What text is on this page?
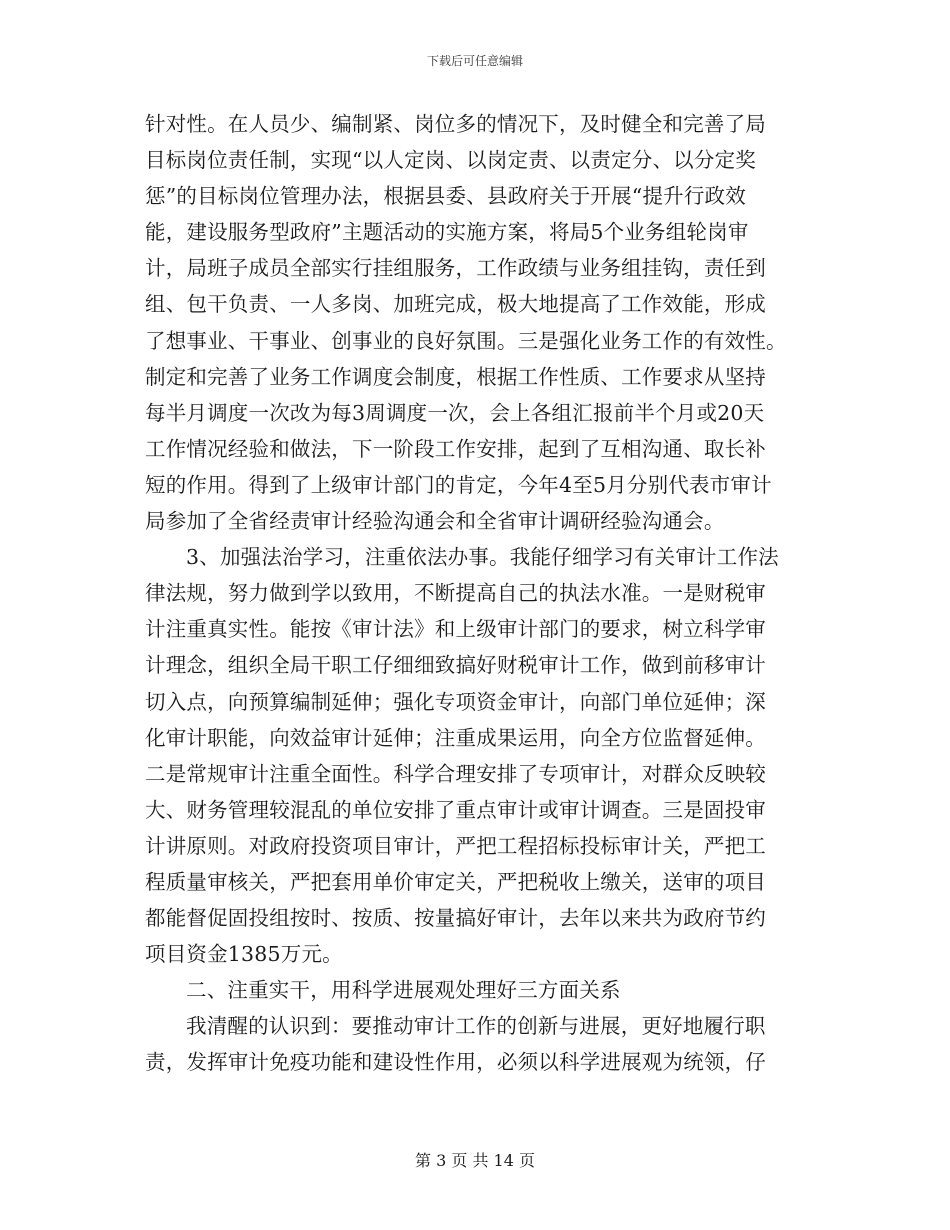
下载后可任意编辑
针对性。在人员少、编制紧、岗位多的情况下，及时健全和完善了局
目标岗位责任制，实现“以人定岗、以岗定责、以责定分、以分定奖
惩”的目标岗位管理办法，根据县委、县政府关于开展“提升行政效
能，建设服务型政府”主题活动的实施方案，将局5个业务组轮岗审
计，局班子成员全部实行挂组服务，工作政绩与业务组挂钩，责任到
组、包干负责、一人多岗、加班完成，极大地提高了工作效能，形成
了想事业、干事业、创事业的良好氛围。三是强化业务工作的有效性。
制定和完善了业务工作调度会制度，根据工作性质、工作要求从坚持
每半月调度一次改为每3周调度一次，会上各组汇报前半个月或20天
工作情况经验和做法，下一阶段工作安排，起到了互相沟通、取长补
短的作用。得到了上级审计部门的肯定，今年4至5月分别代表市审计
局参加了全省经责审计经验沟通会和全省审计调研经验沟通会。
3、加强法治学习，注重依法办事。我能仔细学习有关审计工作法
律法规，努力做到学以致用，不断提高自己的执法水准。一是财税审
计注重真实性。能按《审计法》和上级审计部门的要求，树立科学审
计理念，组织全局干职工仔细细致搞好财税审计工作，做到前移审计
切入点，向预算编制延伸；强化专项资金审计，向部门单位延伸；深
化审计职能，向效益审计延伸；注重成果运用，向全方位监督延伸。
二是常规审计注重全面性。科学合理安排了专项审计，对群众反映较
大、财务管理较混乱的单位安排了重点审计或审计调查。三是固投审
计讲原则。对政府投资项目审计，严把工程招标投标审计关，严把工
程质量审核关，严把套用单价审定关，严把税收上缴关，送审的项目
都能督促固投组按时、按质、按量搞好审计，去年以来共为政府节约
项目资金1385万元。
二、注重实干，用科学进展观处理好三方面关系
我清醒的认识到：要推动审计工作的创新与进展，更好地履行职
责，发挥审计免疫功能和建设性作用，必须以科学进展观为统领，仔
第 3 页 共 14 页
